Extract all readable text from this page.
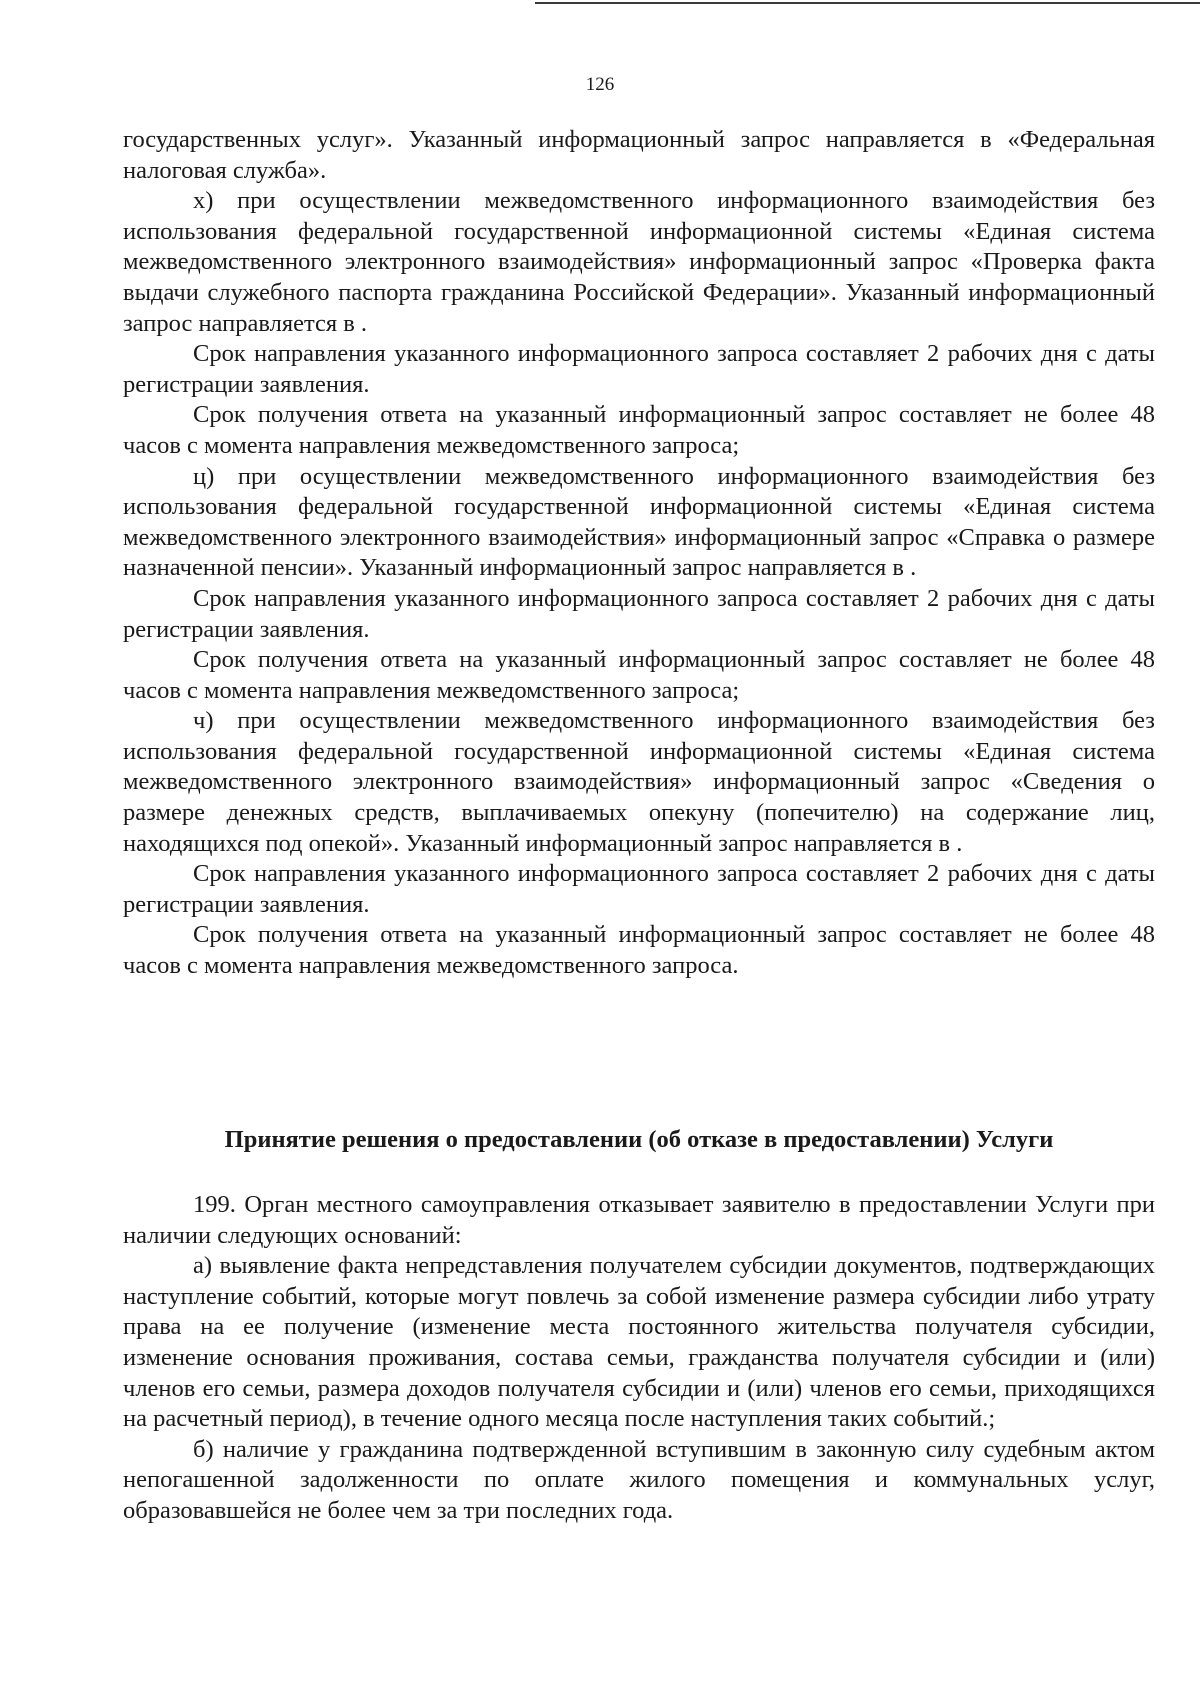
126

государственных услуг». Указанный информационный запрос направляется в «Федеральная налоговая служба».

х) при осуществлении межведомственного информационного взаимодействия без использования федеральной государственной информационной системы «Единая система межведомственного электронного взаимодействия» информационный запрос «Проверка факта выдачи служебного паспорта гражданина Российской Федерации». Указанный информационный запрос направляется в .

Срок направления указанного информационного запроса составляет 2 рабочих дня с даты регистрации заявления.

Срок получения ответа на указанный информационный запрос составляет не более 48 часов с момента направления межведомственного запроса;

ц) при осуществлении межведомственного информационного взаимодействия без использования федеральной государственной информационной системы «Единая система межведомственного электронного взаимодействия» информационный запрос «Справка о размере назначенной пенсии». Указанный информационный запрос направляется в .

Срок направления указанного информационного запроса составляет 2 рабочих дня с даты регистрации заявления.

Срок получения ответа на указанный информационный запрос составляет не более 48 часов с момента направления межведомственного запроса;

ч) при осуществлении межведомственного информационного взаимодействия без использования федеральной государственной информационной системы «Единая система межведомственного электронного взаимодействия» информационный запрос «Сведения о размере денежных средств, выплачиваемых опекуну (попечителю) на содержание лиц, находящихся под опекой». Указанный информационный запрос направляется в .

Срок направления указанного информационного запроса составляет 2 рабочих дня с даты регистрации заявления.

Срок получения ответа на указанный информационный запрос составляет не более 48 часов с момента направления межведомственного запроса.

Принятие решения о предоставлении (об отказе в предоставлении) Услуги

199. Орган местного самоуправления отказывает заявителю в предоставлении Услуги при наличии следующих оснований:

а) выявление факта непредставления получателем субсидии документов, подтверждающих наступление событий, которые могут повлечь за собой изменение размера субсидии либо утрату права на ее получение (изменение места постоянного жительства получателя субсидии, изменение основания проживания, состава семьи, гражданства получателя субсидии и (или) членов его семьи, размера доходов получателя субсидии и (или) членов его семьи, приходящихся на расчетный период), в течение одного месяца после наступления таких событий.;

б) наличие у гражданина подтвержденной вступившим в законную силу судебным актом непогашенной задолженности по оплате жилого помещения и коммунальных услуг, образовавшейся не более чем за три последних года.
